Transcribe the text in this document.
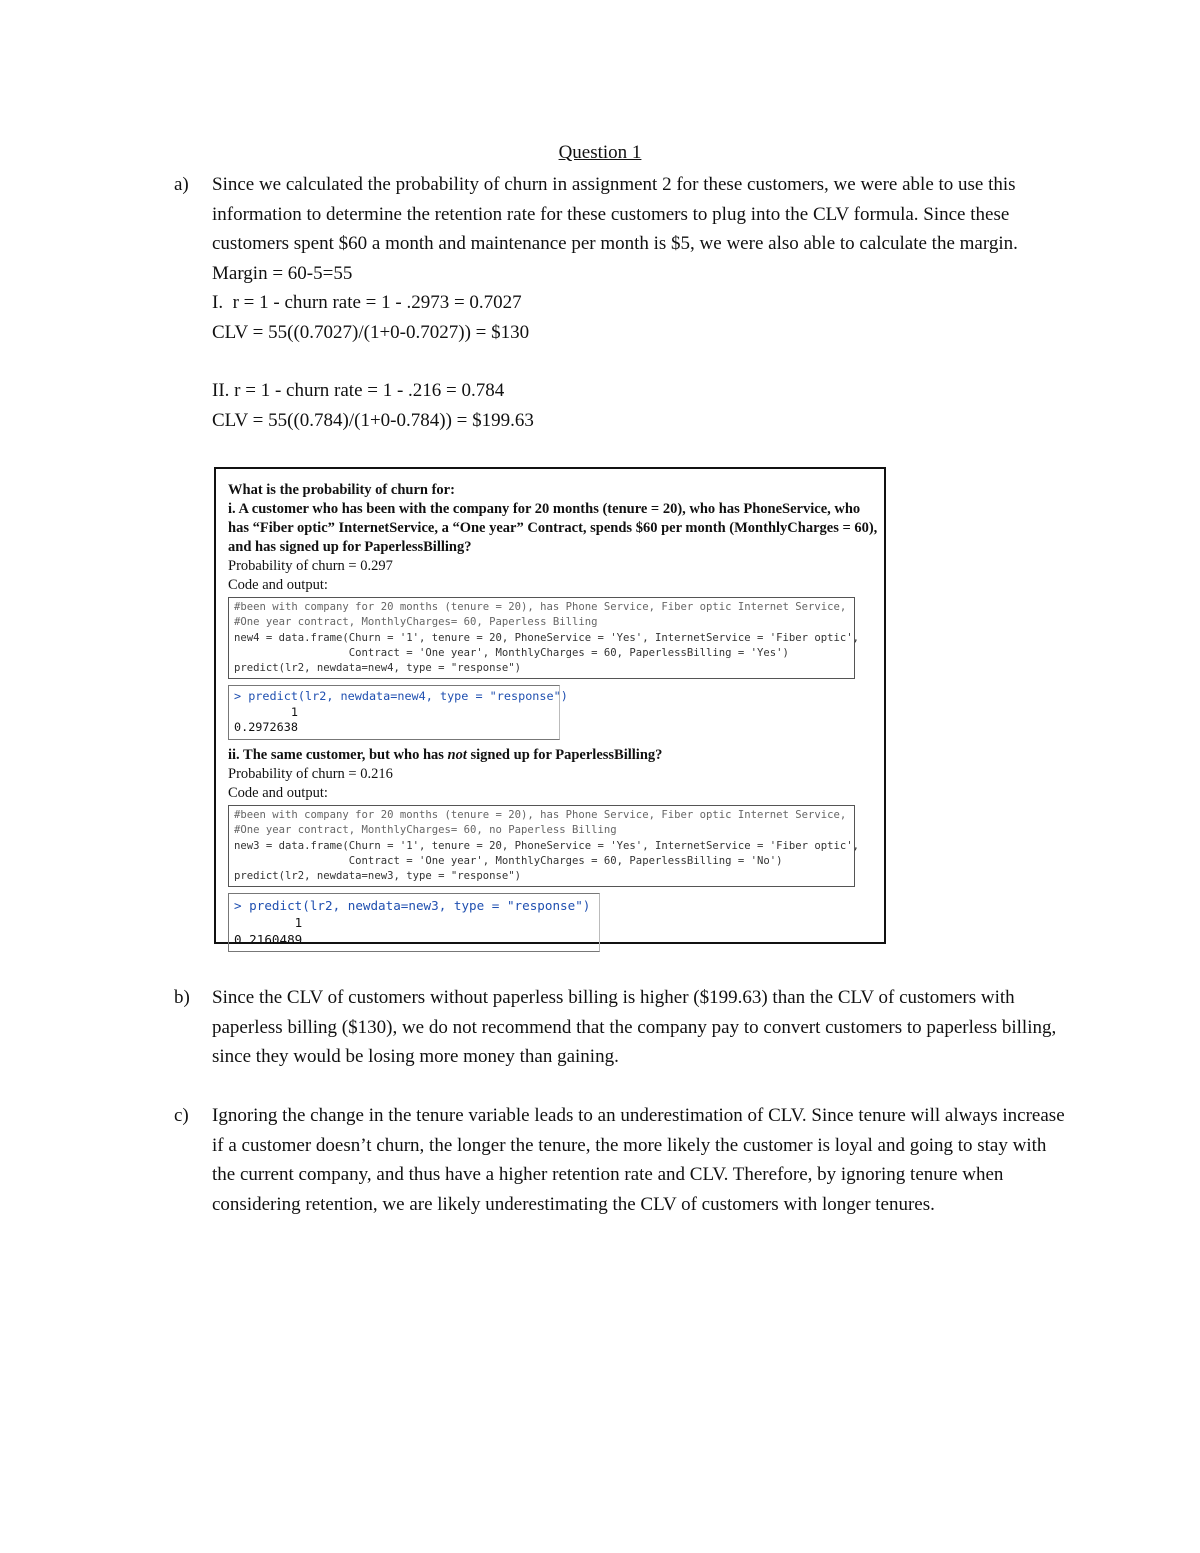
Question 1
a)	Since we calculated the probability of churn in assignment 2 for these customers, we were able to use this information to determine the retention rate for these customers to plug into the CLV formula. Since these customers spent $60 a month and maintenance per month is $5, we were also able to calculate the margin.

Margin = 60-5=55

I.  r = 1 - churn rate = 1 - .2973 = 0.7027

CLV = 55((0.7027)/(1+0-0.7027)) = $130

II. r = 1 - churn rate = 1 - .216 = 0.784

CLV = 55((0.784)/(1+0-0.784)) = $199.63

What is the probability of churn for:

i. A customer who has been with the company for 20 months (tenure = 20), who has PhoneService, who has “Fiber optic” InternetService, a “One year” Contract, spends $60 per month (MonthlyCharges = 60), and has signed up for PaperlessBilling?

Probability of churn = 0.297

Code and output:

#been with company for 20 months (tenure = 20), has Phone Service, Fiber optic Internet Service,
#One year contract, MonthlyCharges= 60, Paperless Billing
new4 = data.frame(Churn = '1', tenure = 20, PhoneService = 'Yes', InternetService = 'Fiber optic',
Contract = 'One year', MonthlyCharges = 60, PaperlessBilling = 'Yes')
predict(lr2, newdata=new4, type = "response")
> predict(lr2, newdata=new4, type = "response")
1
0.2972638

ii. The same customer, but who has not signed up for PaperlessBilling?

Probability of churn = 0.216

Code and output:

#been with company for 20 months (tenure = 20), has Phone Service, Fiber optic Internet Service,
#One year contract, MonthlyCharges= 60, no Paperless Billing
new3 = data.frame(Churn = '1', tenure = 20, PhoneService = 'Yes', InternetService = 'Fiber optic',
Contract = 'One year', MonthlyCharges = 60, PaperlessBilling = 'No')
predict(lr2, newdata=new3, type = "response")
> predict(lr2, newdata=new3, type = "response")
1
0.2160489
b)	Since the CLV of customers without paperless billing is higher ($199.63) than the CLV of customers with paperless billing ($130), we do not recommend that the company pay to convert customers to paperless billing, since they would be losing more money than gaining.

c)	Ignoring the change in the tenure variable leads to an underestimation of CLV. Since tenure will always increase if a customer doesn’t churn, the longer the tenure, the more likely the customer is loyal and going to stay with the current company, and thus have a higher retention rate and CLV. Therefore, by ignoring tenure when considering retention, we are likely underestimating the CLV of customers with longer tenures.
